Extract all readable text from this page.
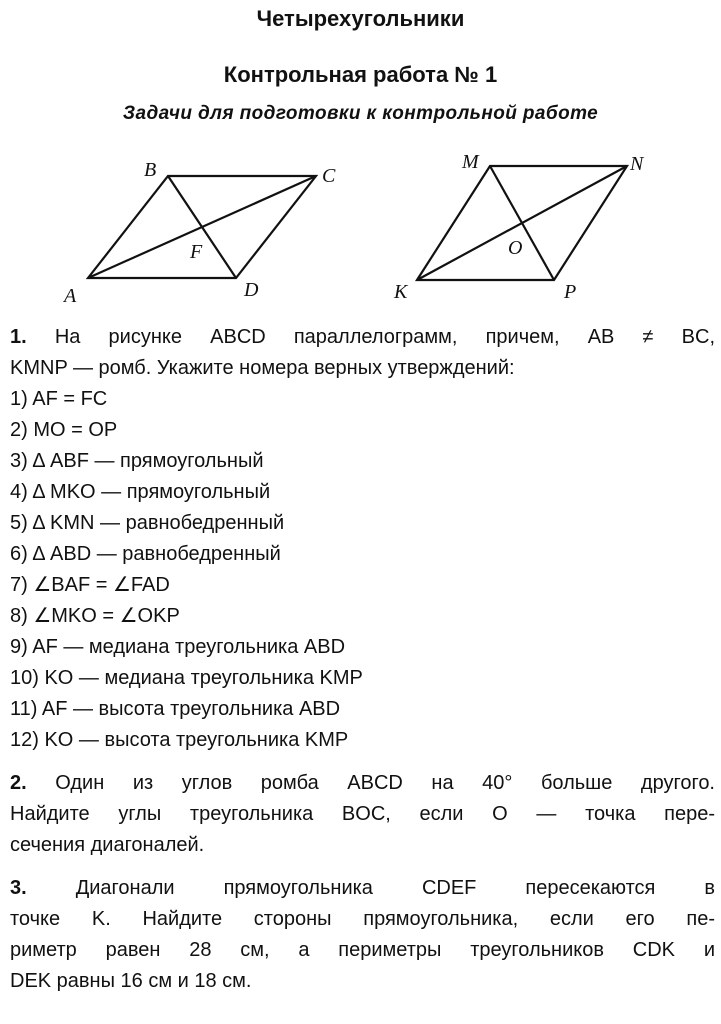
Четырехугольники
Контрольная работа № 1
Задачи для подготовки к контрольной работе
A
B	C
D
F
M	N
K	P
O
1. На рисунке ABCD параллелограмм, причем, AB ≠ BC,
KMNP — ромб. Укажите номера верных утверждений:
1) AF = FC
2) MO = OP
3) Δ ABF — прямоугольный
4) Δ MKO — прямоугольный
5) Δ KMN — равнобедренный
6) Δ ABD — равнобедренный
7) ∠BAF = ∠FAD
8) ∠MKO = ∠OKP
9) AF — медиана треугольника ABD
10) KO — медиана треугольника KMP
11) AF — высота треугольника ABD
12) KO — высота треугольника KMP
2. Один из углов ромба ABCD на 40° больше другого.
Найдите углы треугольника BOC, если O — точка пере-
сечения диагоналей.
3. Диагонали прямоугольника CDEF пересекаются в
точке K. Найдите стороны прямоугольника, если его пе-
риметр равен 28 см, а периметры треугольников CDK и
DEK равны 16 см и 18 см.
